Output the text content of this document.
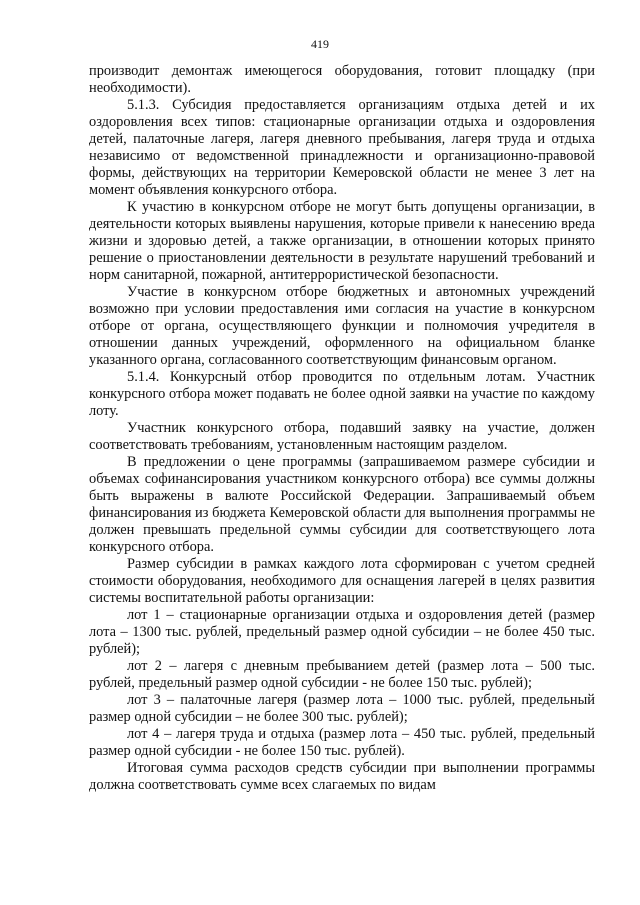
419

производит демонтаж имеющегося оборудования, готовит площадку (при необходимости).

5.1.3. Субсидия предоставляется организациям отдыха детей и их оздоровления всех типов: стационарные организации отдыха и оздоровления детей, палаточные лагеря, лагеря дневного пребывания, лагеря труда и отдыха независимо от ведомственной принадлежности и организационно-правовой формы, действующих на территории Кемеровской области не менее 3 лет на момент объявления конкурсного отбора.

К участию в конкурсном отборе не могут быть допущены организации, в деятельности которых выявлены нарушения, которые привели к нанесению вреда жизни и здоровью детей, а также организации, в отношении которых принято решение о приостановлении деятельности в результате нарушений требований и норм санитарной, пожарной, антитеррористической безопасности.

Участие в конкурсном отборе бюджетных и автономных учреждений возможно при условии предоставления ими согласия на участие в конкурсном отборе от органа, осуществляющего функции и полномочия учредителя в отношении данных учреждений, оформленного на официальном бланке указанного органа, согласованного соответствующим финансовым органом.

5.1.4. Конкурсный отбор проводится по отдельным лотам. Участник конкурсного отбора может подавать не более одной заявки на участие по каждому лоту.

Участник конкурсного отбора, подавший заявку на участие, должен соответствовать требованиям, установленным настоящим разделом.

В предложении о цене программы (запрашиваемом размере субсидии и объемах софинансирования участником конкурсного отбора) все суммы должны быть выражены в валюте Российской Федерации. Запрашиваемый объем финансирования из бюджета Кемеровской области для выполнения программы не должен превышать предельной суммы субсидии для соответствующего лота конкурсного отбора.

Размер субсидии в рамках каждого лота сформирован с учетом средней стоимости оборудования, необходимого для оснащения лагерей в целях развития системы воспитательной работы организации:

лот 1 – стационарные организации отдыха и оздоровления детей (размер лота – 1300 тыс. рублей, предельный размер одной субсидии – не более 450 тыс. рублей);

лот 2 – лагеря с дневным пребыванием детей (размер лота – 500 тыс. рублей, предельный размер одной субсидии - не более 150 тыс. рублей);

лот 3 – палаточные лагеря (размер лота – 1000 тыс. рублей, предельный размер одной субсидии – не более 300 тыс. рублей);

лот 4 – лагеря труда и отдыха (размер лота – 450 тыс. рублей, предельный размер одной субсидии - не более 150 тыс. рублей).

Итоговая сумма расходов средств субсидии при выполнении программы должна соответствовать сумме всех слагаемых по видам
